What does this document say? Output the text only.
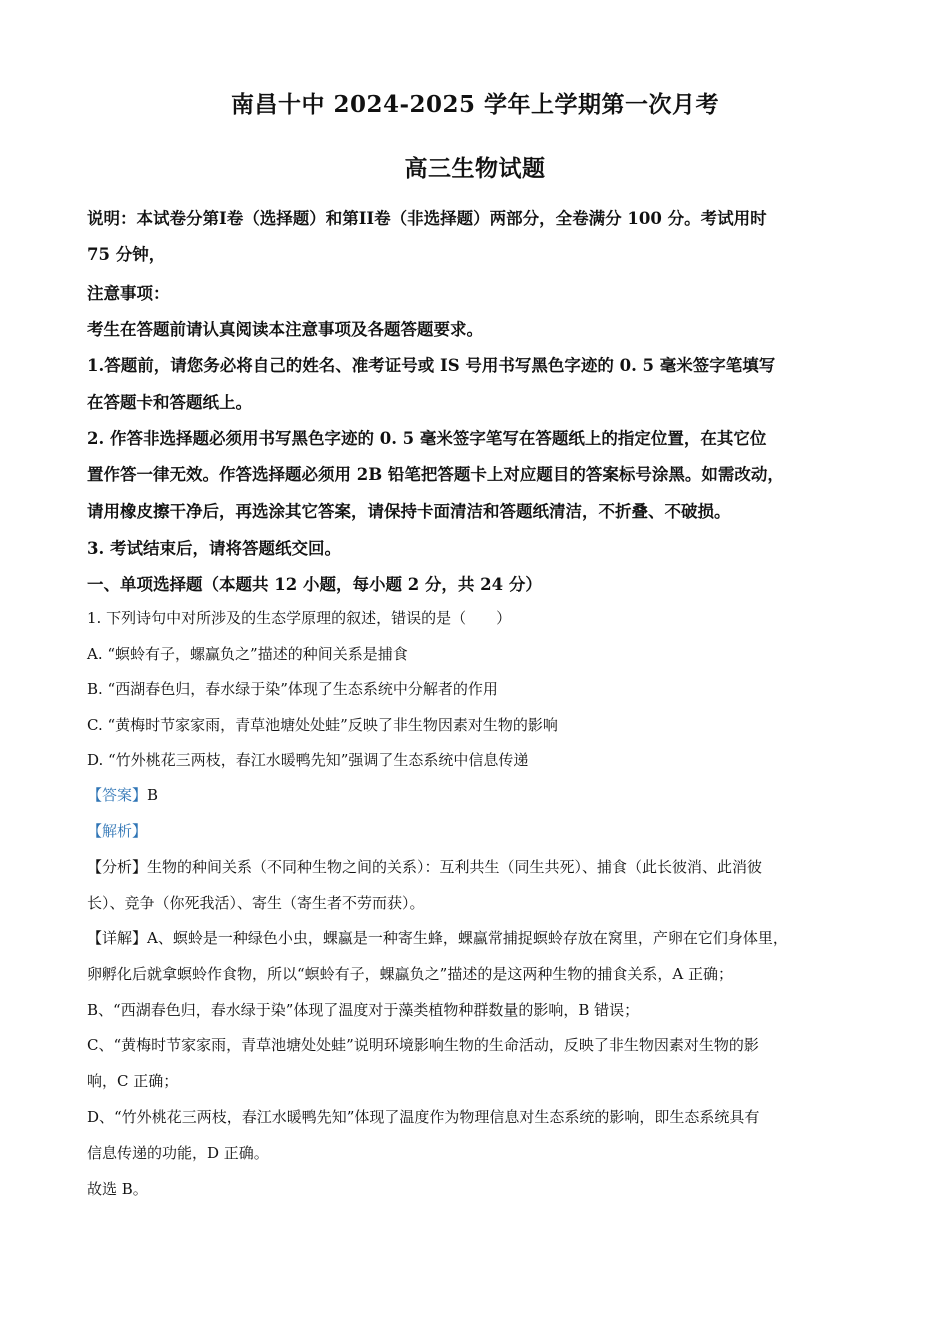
南昌十中 2024-2025 学年上学期第一次月考
高三生物试题
说明：本试卷分第I卷（选择题）和第II卷（非选择题）两部分，全卷满分 100 分。考试用时
75 分钟，
注意事项：
考生在答题前请认真阅读本注意事项及各题答题要求。
1.答题前，请您务必将自己的姓名、准考证号或 IS 号用书写黑色字迹的 0. 5 毫米签字笔填写
在答题卡和答题纸上。
2. 作答非选择题必须用书写黑色字迹的 0. 5 毫米签字笔写在答题纸上的指定位置，在其它位
置作答一律无效。作答选择题必须用 2B 铅笔把答题卡上对应题目的答案标号涂黑。如需改动，
请用橡皮擦干净后，再选涂其它答案，请保持卡面清洁和答题纸清洁，不折叠、不破损。
3. 考试结束后，请将答题纸交回。
一、单项选择题（本题共 12 小题，每小题 2 分，共 24 分）
1. 下列诗句中对所涉及的生态学原理的叙述，错误的是（　　）
A. “螟蛉有子，螺赢负之”描述的种间关系是捕食
B. “西湖春色归，春水绿于染”体现了生态系统中分解者的作用
C. “黄梅时节家家雨，青草池塘处处蛙”反映了非生物因素对生物的影响
D. “竹外桃花三两枝，春江水暖鸭先知”强调了生态系统中信息传递
【答案】B
【解析】
【分析】生物的种间关系（不同种生物之间的关系）：互利共生（同生共死）、捕食（此长彼消、此消彼
长）、竞争（你死我活）、寄生（寄生者不劳而获）。
【详解】A、螟蛉是一种绿色小虫，蜾蠃是一种寄生蜂，蜾蠃常捕捉螟蛉存放在窝里，产卵在它们身体里，
卵孵化后就拿螟蛉作食物，所以“螟蛉有子，蜾蠃负之”描述的是这两种生物的捕食关系，A 正确；
B、“西湖春色归，春水绿于染”体现了温度对于藻类植物种群数量的影响，B 错误；
C、“黄梅时节家家雨，青草池塘处处蛙”说明环境影响生物的生命活动，反映了非生物因素对生物的影
响，C 正确；
D、“竹外桃花三两枝，春江水暖鸭先知”体现了温度作为物理信息对生态系统的影响，即生态系统具有
信息传递的功能，D 正确。
故选 B。
